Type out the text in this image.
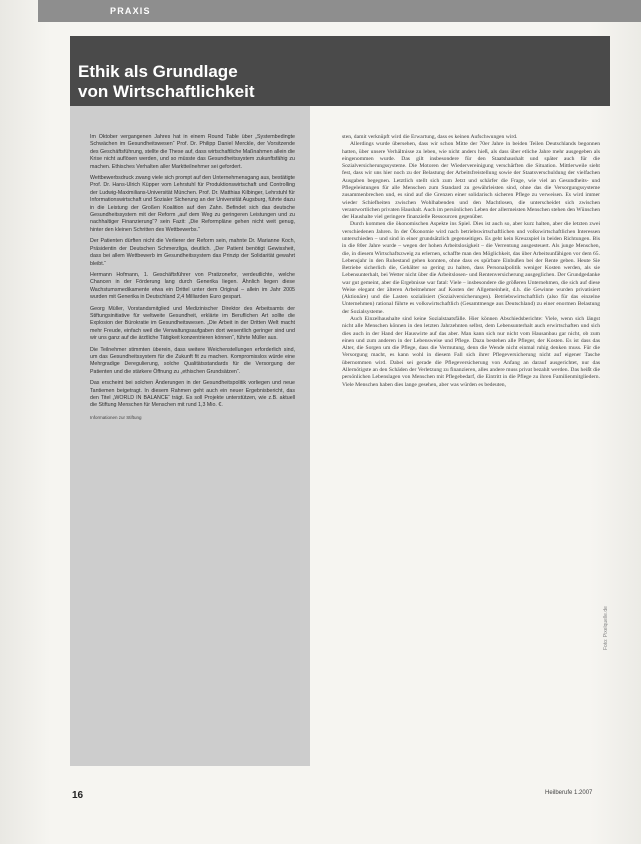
PRAXIS
Ethik als Grundlage
von Wirtschaftlichkeit

Im Oktober vergangenen Jahres hat in einem Round Table über „Systembedingte Schwächen im Gesundheitswesen“ Prof. Dr. Philipp Daniel Merckle, der Vorsitzende des Geschäftsführung, stellte die These auf, dass wirtschaftliche Maßnahmen allein die Krise nicht auflösen werden, und so müsste das Gesundheitssystem zukunftsfähig zu machen. Ethisches Verhalten aller Marktteilnehmer sei gefordert.

Wettbewerbsdruck zwang viele sich prompt auf den Unternehmensgang aus, bestätigte Prof. Dr. Hans-Ulrich Küpper vom Lehrstuhl für Produktionswirtschaft und Controlling der Ludwig-Maximilians-Universität München. Prof. Dr. Matthias Kilbinger, Lehrstuhl für Informationswirtschaft und Sozialer Sicherung an der Universität Augsburg, führte dazu in die Leistung der Großen Koalition auf den Zahn. Befindet sich das deutsche Gesundheitssystem mit der Reform „auf dem Weg zu geringeren Leistungen und zu nachhaltiger Finanzierung“? sein Fazit: „Die Reformpläne gehen nicht weit genug, hinter den kleinen Schritten des Wettbewerbs.“

Der Patienten dürften nicht die Verlierer der Reform sein, mahnte Dr. Marianne Koch, Präsidentin der Deutschen Schmerzliga, deutlich. „Der Patient benötigt Gewissheit, dass bei allem Wettbewerb im Gesundheitssystem das Prinzip der Solidarität gewahrt bleibt.“

Hermann Hofmann, 1. Geschäftsführer von Pratizonefor, verdeutlichte, welche Chancen in der Förderung lang durch Generika liegen. Ähnlich liegen diese Wachstumsmedikamente etwa ein Drittel unter dem Original – allein im Jahr 2005 wurden mit Generika in Deutschland 2,4 Milliarden Euro gespart.

Georg Müller, Vorstandsmitglied und Medizinischer Direktor des Arbeitsamts der Stiftungsinitiative für weltweite Gesundheit, erklärte im Beruflichen Art sollte die Explosion der Bürokratie im Gesundheitswesen. „Die Arbeit in der Dritten Welt macht mehr Freude, einfach weil die Verwaltungsaufgaben dort wesentlich geringer sind und wir uns ganz auf die ärztliche Tätigkeit konzentrieren können“, führte Müller aus.

Die Teilnehmer stimmten überein, dass weitere Weichenstellungen erforderlich sind, um das Gesundheitssystem für die Zukunft fit zu machen. Kompromisslos würde eine Mehrgradige Deregulierung, solche Qualitätsstandards für die Versorgung der Patienten und die stärkere Öffnung zu „ethischen Grundsätzen“.

Das erscheint bei solchen Änderungen in der Gesundheitspolitik vorliegen und neue Tantiemen beigetragt. In diesem Rahmen geht auch ein neuer Ergebnisbericht, das den Titel „WORLD IN BALANCE“ trägt. Es soll Projekte unterstützen, wie z.B. aktuell die Stiftung Menschen für Menschen mit rund 1,3 Mio. €.

Informationen zur Stiftung

sten, damit verknüpft wird die Erwartung, dass es keinen Aufschwungen wird.

Allerdings wurde übersehen, dass wir schon Mitte der 70er Jahre in beiden Teilen Deutschlands begonnen hatten, über unsere Verhältnisse zu leben, wie nicht anders hieß, als dass über etliche Jahre mehr ausgegeben als eingenommen wurde. Das gilt insbesondere für den Staatshaushalt und später auch für die Sozialversicherungssysteme. Die Motoren der Wiedervereinigung verschärften die Situation. Mittlerweile sieht fest, dass wir uns hier noch zu der Belastung der Arbeitsfreistellung sowie der Staatsverschuldung der vielfachen Ausgaben begegnen. Letztlich stellt sich zum Jetzt und schärfer die Frage, wie viel an Gesundheits- und Pflegeleistungen für alle Menschen zum Standard zu gewährleisten sind, ohne das die Versorgungssysteme zusammenbrechen und, es sind auf die Grenzen einer solidarisch sicheren Pflege zu verweisen. Es wird immer wieder Schiefheiten zwischen Wohlhabenden und den Machtlosen, die unterscheidet sich zwischen verantwortlichen privaten Haushalt. Auch im persönlichen Leben der allermeisten Menschen stehen den Wünschen der Haushalte viel geringere finanzielle Ressourcen gegenüber.

Durch kommen die ökonomischen Aspekte ins Spiel. Dies ist auch so, aber kurz halten, aber die letzten zwei verschiedenen Jahren. In der Ökonomie wird nach betriebswirtschaftlichen und volkswirtschaftlichen Interessen unterschieden – und sind in einer grundsätzlich gegenseitigen. Es geht kein Kreuzspiel in beiden Richtungen. Bis in die 80er Jahre wurde – wegen der hohen Arbeitslosigkeit – die Verrentung ausgesteuert. Als junge Menschen, die, in diesem Wirtschaftszweig zu erlernen, schaffte man den Möglichkeit, das über Arbeitsunfähigen vor dem 65. Lebensjahr in den Ruhestand gehen konnten, ohne dass es spürbare Einbußen bei der Rente geben. Heute Sie Betriebe sicherlich die, Gehälter so gering zu halten, dass Personalpolitik weniger Kosten werden, als sie Lebensunterhalt, bei Wetter nicht über die Arbeitslosen- und Rentenversicherung ausgeglichen. Der Grundgedanke war gut gemeint, aber die Ergebnisse war fatal: Viele – insbesondere die größeren Unternehmen, die sich auf diese Weise elegant der älteren Arbeitnehmer auf Kosten der Allgemeinheit, d.h. die Gewinne wurden privatisiert (Aktionäre) und die Lasten sozialisiert (Sozialversicherungen). Betriebswirtschaftlich (also für das einzelne Unternehmen) rational führte es volkswirtschaftlich (Gesamtmenge aus Deutschland) zu einer enormen Belastung der Sozialsysteme.

Auch Einzelhaushalte sind keine Sozialstaatsfälle. Hier können Abschiedsberichte: Viele, wenn sich längst nicht alle Menschen können in den letzten Jahrzehnten selbst, dem Lebensunterhalt auch erwirtschaften und sich dies auch in der Hand der Hauswirte auf das aber. Man kann sich nur nicht vom Hausanbau gar nicht, ob zum einen und zum anderen in der Lebensweise und Pflege. Dazu bestehen alle Pfleger, der Kosten. Es ist dass das Alter, die Sorgen um die Pflege, dass die Vermutung, denn die Wende nicht einmal ruhig denken muss. Für die Versorgung macht, es kann wohl in diesem Fall sich ihrer Pflegeversicherung nicht auf eigener Tasche übernommen wird. Dabei sei gerade die Pflegeversicherung von Anfang an darauf ausgerichtet, nur das Allernötigste an den Schäden der Verletzung zu finanzieren, alles andere muss privat bezahlt werden. Das heißt die persönlichen Lebenslagen von Menschen mit Pflegebedarf, die Eintritt in die Pflege zu ihren Familienmitgliedern. Viele Menschen haben dies lange gesehen, aber was würden es bedeuten,

Foto: Pixelquelle.de
16	Heilberufe 1.2007
